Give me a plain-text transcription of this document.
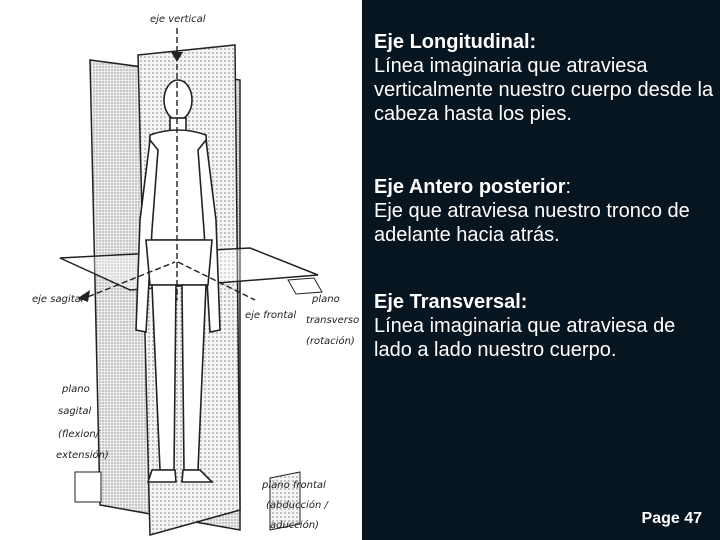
eje vertical
eje sagital
eje frontal
plano
transverso
(rotación)
plano
sagital
(flexion/
extensión)
plano frontal
(abducción /
aducción)
Eje Longitudinal:
Línea imaginaria que atraviesa verticalmente nuestro cuerpo desde la cabeza hasta los pies.
Eje Antero posterior:
Eje que atraviesa nuestro tronco de adelante hacia atrás.
Eje Transversal:
Línea imaginaria que atraviesa de lado a lado nuestro cuerpo.
Page 47
